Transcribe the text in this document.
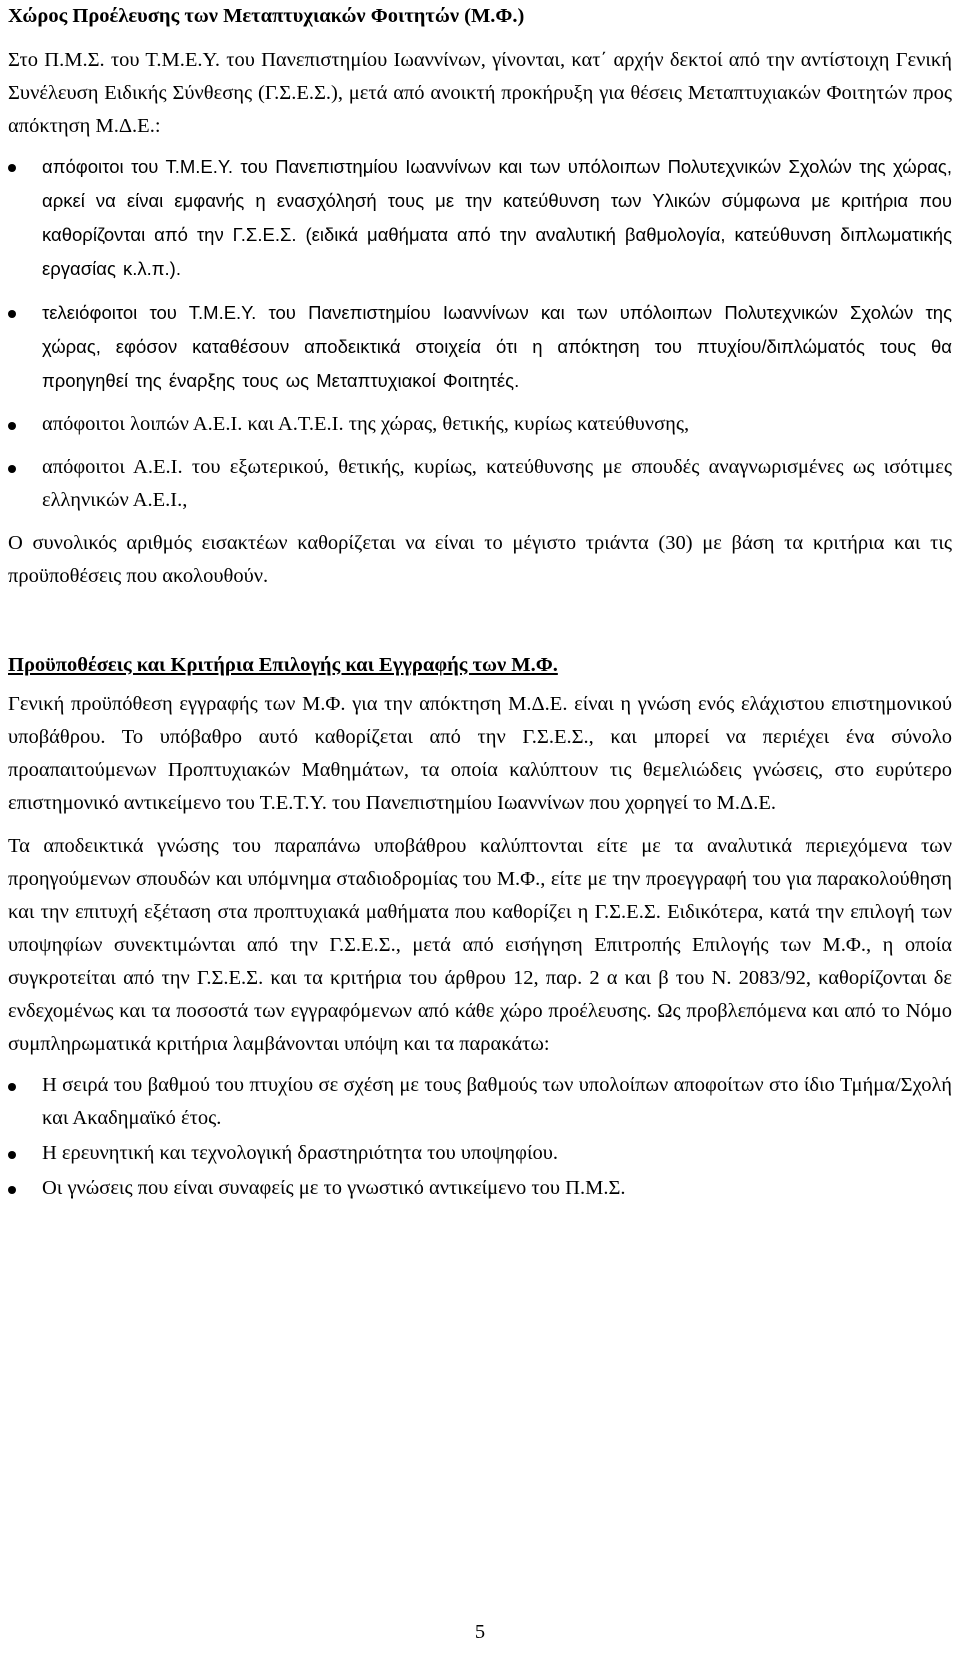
Χώρος Προέλευσης των Μεταπτυχιακών Φοιτητών (Μ.Φ.)

Στο Π.Μ.Σ. του Τ.Μ.Ε.Υ. του Πανεπιστημίου Ιωαννίνων, γίνονται, κατ΄ αρχήν δεκτοί από την αντίστοιχη Γενική Συνέλευση Ειδικής Σύνθεσης (Γ.Σ.Ε.Σ.), μετά από ανοικτή προκήρυξη για θέσεις Μεταπτυχιακών Φοιτητών προς απόκτηση Μ.Δ.Ε.:

απόφοιτοι του Τ.Μ.Ε.Υ. του Πανεπιστημίου Ιωαννίνων και των υπόλοιπων Πολυτεχνικών Σχολών της χώρας, αρκεί να είναι εμφανής η ενασχόλησή τους με την κατεύθυνση των Υλικών σύμφωνα με κριτήρια που καθορίζονται από την Γ.Σ.Ε.Σ. (ειδικά μαθήματα από την αναλυτική βαθμολογία, κατεύθυνση διπλωματικής εργασίας κ.λ.π.).
τελειόφοιτοι του Τ.Μ.Ε.Υ. του Πανεπιστημίου Ιωαννίνων και των υπόλοιπων Πολυτεχνικών Σχολών της χώρας, εφόσον καταθέσουν αποδεικτικά στοιχεία ότι η απόκτηση του πτυχίου/διπλώματός τους θα προηγηθεί της έναρξης τους ως Μεταπτυχιακοί Φοιτητές.
απόφοιτοι λοιπών Α.Ε.Ι. και Α.Τ.Ε.Ι. της χώρας, θετικής, κυρίως κατεύθυνσης,
απόφοιτοι Α.Ε.Ι. του εξωτερικού, θετικής, κυρίως, κατεύθυνσης με σπουδές αναγνωρισμένες ως ισότιμες ελληνικών Α.Ε.Ι.,

Ο συνολικός αριθμός εισακτέων καθορίζεται να είναι το μέγιστο τριάντα (30) με βάση τα κριτήρια και τις προϋποθέσεις που ακολουθούν.

Προϋποθέσεις και Κριτήρια Επιλογής και Εγγραφής των Μ.Φ.

Γενική προϋπόθεση εγγραφής των Μ.Φ. για την απόκτηση Μ.Δ.Ε. είναι η γνώση ενός ελάχιστου επιστημονικού υποβάθρου. Το υπόβαθρο αυτό καθορίζεται από την Γ.Σ.Ε.Σ., και μπορεί να περιέχει ένα σύνολο προαπαιτούμενων Προπτυχιακών Μαθημάτων, τα οποία καλύπτουν τις θεμελιώδεις γνώσεις, στο ευρύτερο επιστημονικό αντικείμενο του Τ.Ε.Τ.Υ. του Πανεπιστημίου Ιωαννίνων που χορηγεί το Μ.Δ.Ε.

Τα αποδεικτικά γνώσης του παραπάνω υποβάθρου καλύπτονται είτε με τα αναλυτικά περιεχόμενα των προηγούμενων σπουδών και υπόμνημα σταδιοδρομίας του Μ.Φ., είτε με την προεγγραφή του για παρακολούθηση και την επιτυχή εξέταση στα προπτυχιακά μαθήματα που καθορίζει η Γ.Σ.Ε.Σ. Ειδικότερα, κατά την επιλογή των υποψηφίων συνεκτιμώνται από την Γ.Σ.Ε.Σ., μετά από εισήγηση Επιτροπής Επιλογής των Μ.Φ., η οποία συγκροτείται από την Γ.Σ.Ε.Σ. και τα κριτήρια του άρθρου 12, παρ. 2 α και β του Ν. 2083/92, καθορίζονται δε ενδεχομένως και τα ποσοστά των εγγραφόμενων από κάθε χώρο προέλευσης. Ως προβλεπόμενα και από το Νόμο συμπληρωματικά κριτήρια λαμβάνονται υπόψη και τα παρακάτω:

Η σειρά του βαθμού του πτυχίου σε σχέση με τους βαθμούς των υπολοίπων αποφοίτων στο ίδιο Τμήμα/Σχολή και Ακαδημαϊκό έτος.
Η ερευνητική και τεχνολογική δραστηριότητα του υποψηφίου.
Οι γνώσεις που είναι συναφείς με το γνωστικό αντικείμενο του Π.Μ.Σ.
5
